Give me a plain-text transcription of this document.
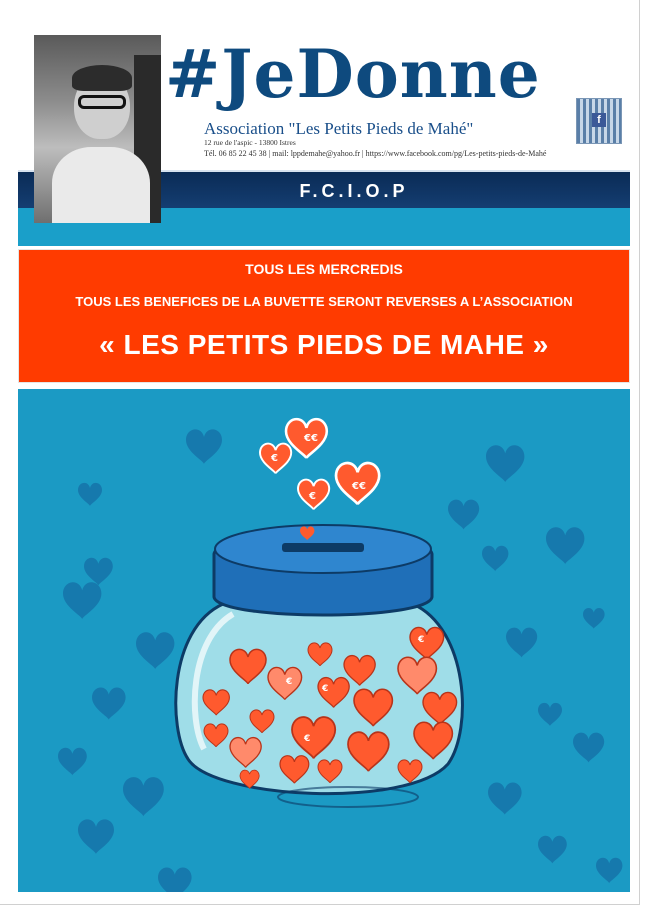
#JeDonne
Association "Les Petits Pieds de Mahé"
12 rue de l'aspic - 13800 Istres
Tél. 06 85 22 45 38 | mail: lppdemahe@yahoo.fr | https://www.facebook.com/pg/Les-petits-pieds-de-Mahé
f
F.C.I.O.P
TOUS LES MERCREDIS
TOUS LES BENEFICES DE LA BUVETTE SERONT REVERSES A L’ASSOCIATION
« LES PETITS PIEDS DE MAHE »
€€
€
€€
€
€
€
€
€
